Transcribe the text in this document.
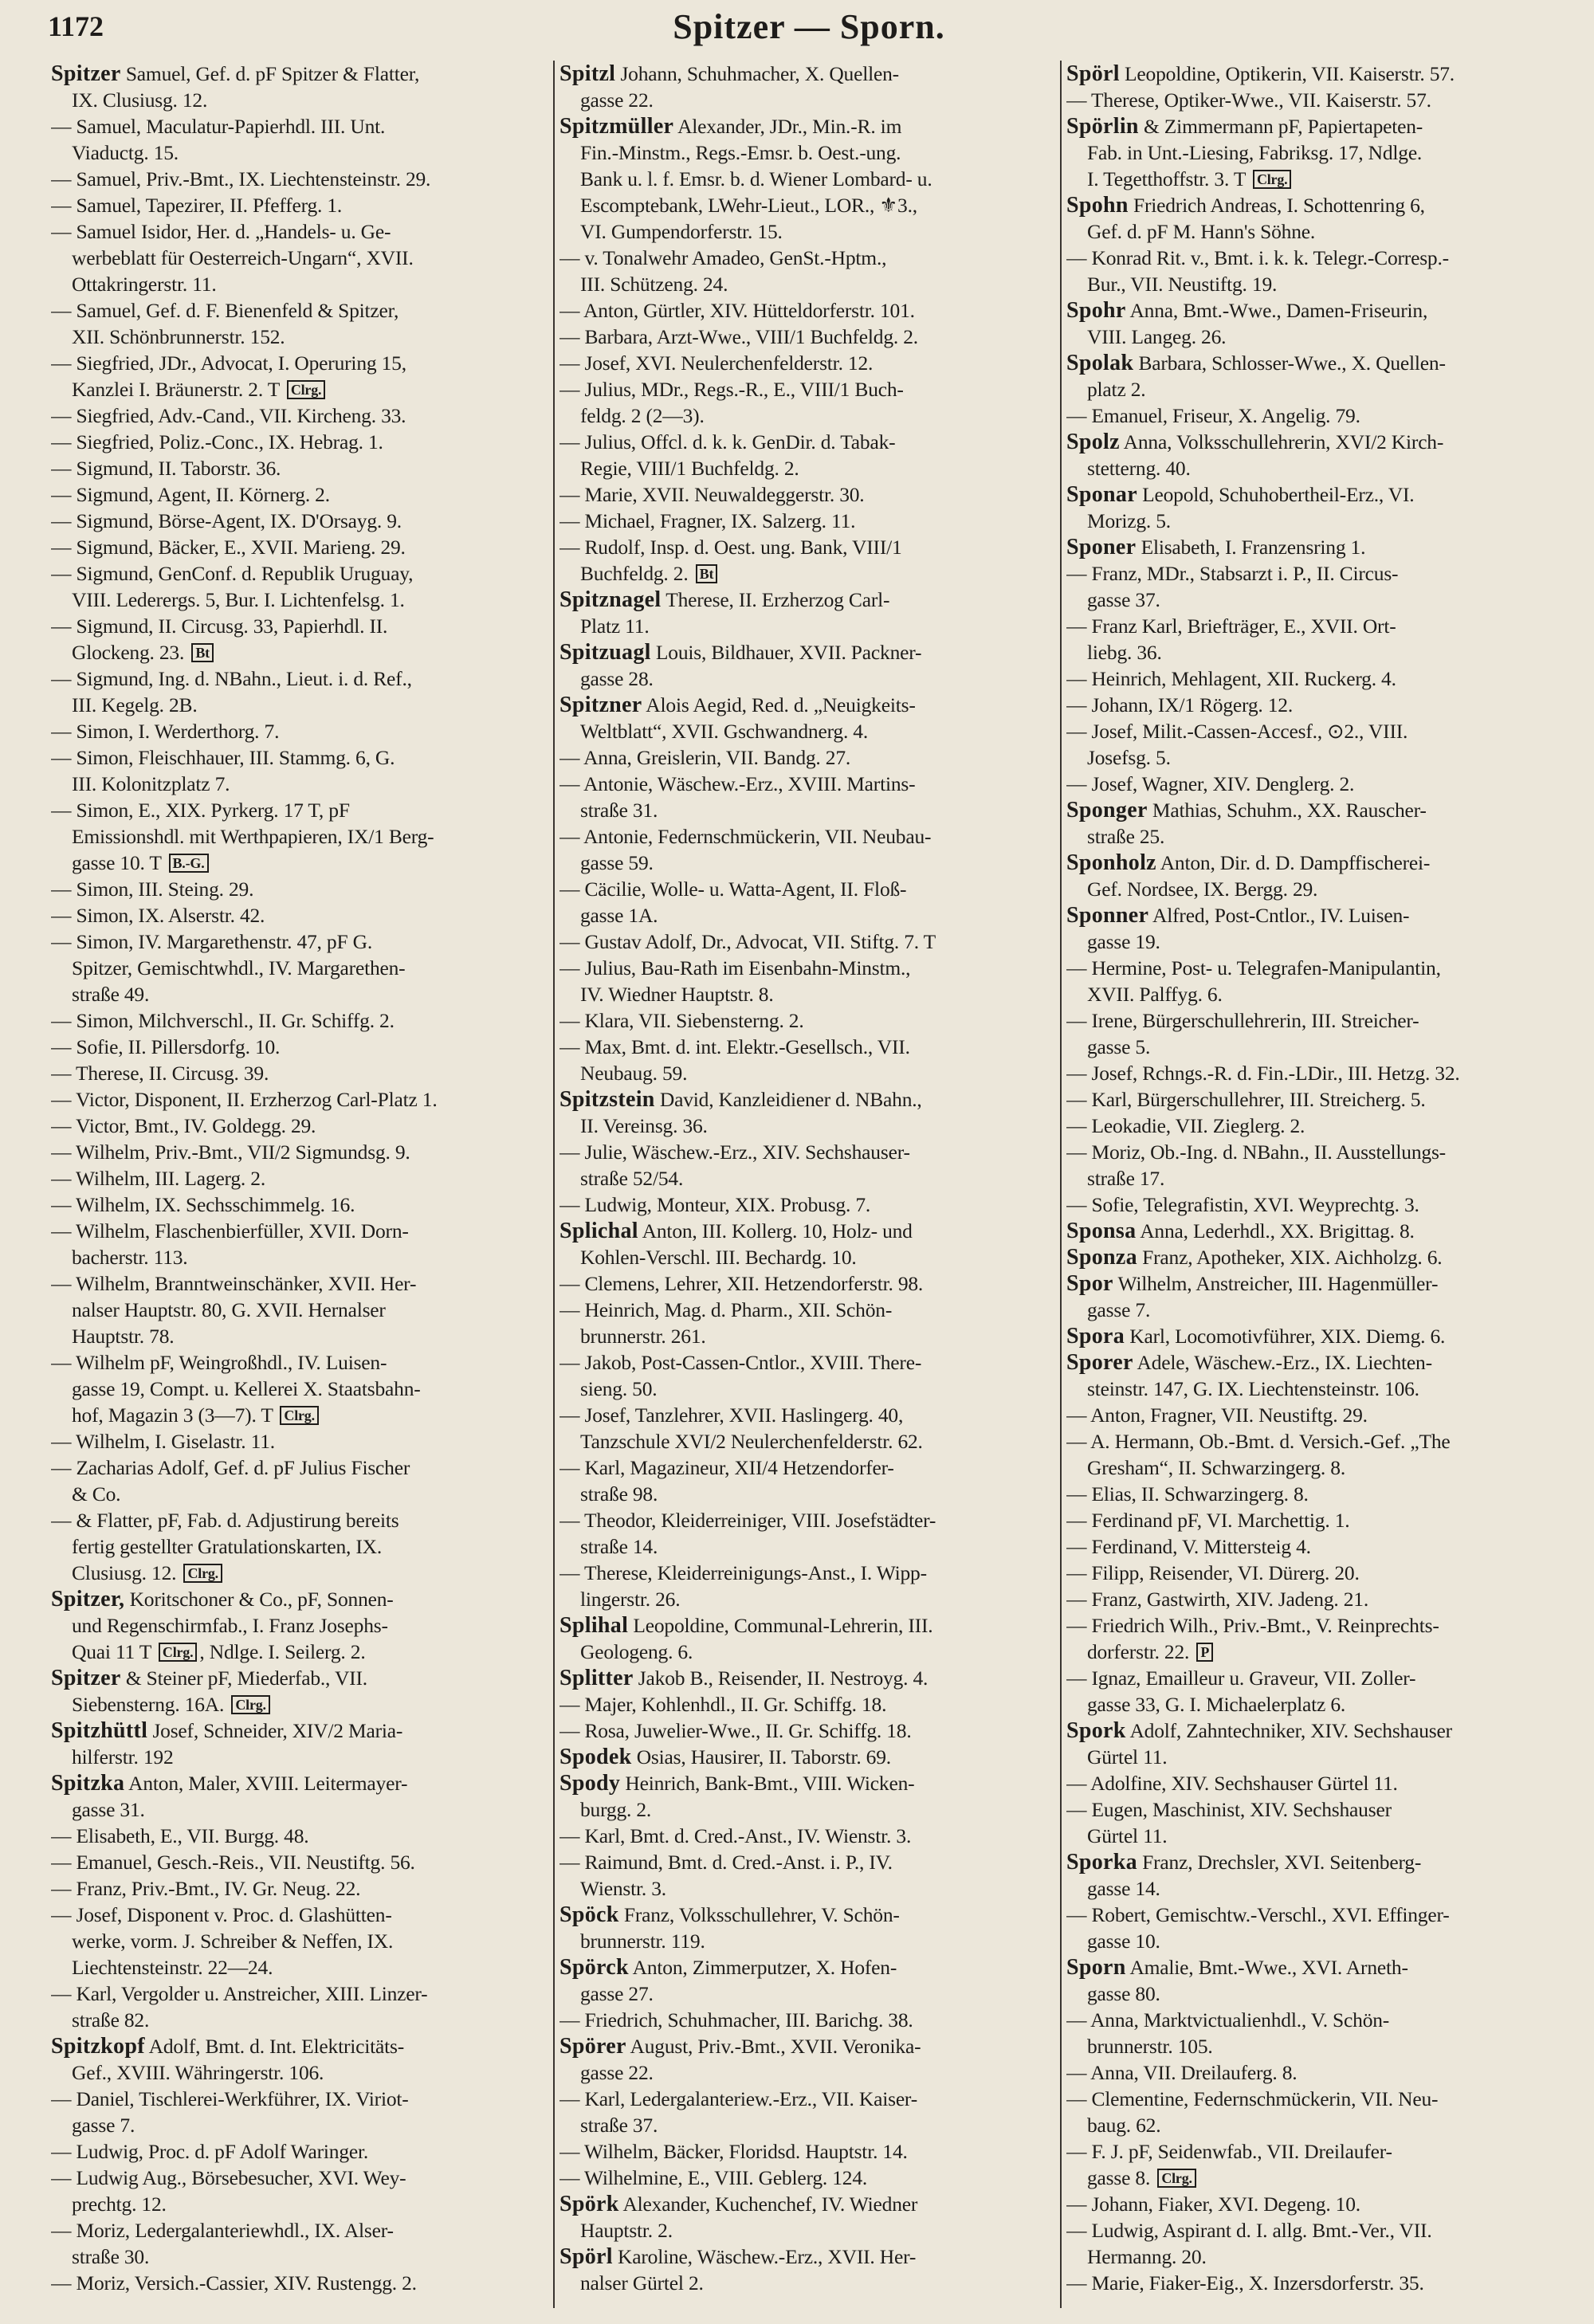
1172	Spitzer — Sporn.
Spitzer Samuel, Gef. d. pF Spitzer & Flatter,
IX. Clusiusg. 12.
— Samuel, Maculatur-Papierhdl. III. Unt.
Viaductg. 15.
— Samuel, Priv.-Bmt., IX. Liechtensteinstr. 29.
— Samuel, Tapezirer, II. Pfefferg. 1.
— Samuel Isidor, Her. d. „Handels- u. Ge-
werbeblatt für Oesterreich-Ungarn“, XVII.
Ottakringerstr. 11.
— Samuel, Gef. d. F. Bienenfeld & Spitzer,
XII. Schönbrunnerstr. 152.
— Siegfried, JDr., Advocat, I. Operuring 15,
Kanzlei I. Bräunerstr. 2. T Clrg.
— Siegfried, Adv.-Cand., VII. Kircheng. 33.
— Siegfried, Poliz.-Conc., IX. Hebrag. 1.
— Sigmund, II. Taborstr. 36.
— Sigmund, Agent, II. Körnerg. 2.
— Sigmund, Börse-Agent, IX. D'Orsayg. 9.
— Sigmund, Bäcker, E., XVII. Marieng. 29.
— Sigmund, GenConf. d. Republik Uruguay,
VIII. Lederergs. 5, Bur. I. Lichtenfelsg. 1.
— Sigmund, II. Circusg. 33, Papierhdl. II.
Glockeng. 23. Bt
— Sigmund, Ing. d. NBahn., Lieut. i. d. Ref.,
III. Kegelg. 2B.
— Simon, I. Werderthorg. 7.
— Simon, Fleischhauer, III. Stammg. 6, G.
III. Kolonitzplatz 7.
— Simon, E., XIX. Pyrkerg. 17 T, pF
Emissionshdl. mit Werthpapieren, IX/1 Berg-
gasse 10. T B.-G.
— Simon, III. Steing. 29.
— Simon, IX. Alserstr. 42.
— Simon, IV. Margarethenstr. 47, pF G.
Spitzer, Gemischtwhdl., IV. Margarethen-
straße 49.
— Simon, Milchverschl., II. Gr. Schiffg. 2.
— Sofie, II. Pillersdorfg. 10.
— Therese, II. Circusg. 39.
— Victor, Disponent, II. Erzherzog Carl-Platz 1.
— Victor, Bmt., IV. Goldegg. 29.
— Wilhelm, Priv.-Bmt., VII/2 Sigmundsg. 9.
— Wilhelm, III. Lagerg. 2.
— Wilhelm, IX. Sechsschimmelg. 16.
— Wilhelm, Flaschenbierfüller, XVII. Dorn-
bacherstr. 113.
— Wilhelm, Branntweinschänker, XVII. Her-
nalser Hauptstr. 80, G. XVII. Hernalser
Hauptstr. 78.
— Wilhelm pF, Weingroßhdl., IV. Luisen-
gasse 19, Compt. u. Kellerei X. Staatsbahn-
hof, Magazin 3 (3—7). T Clrg.
— Wilhelm, I. Giselastr. 11.
— Zacharias Adolf, Gef. d. pF Julius Fischer
& Co.
— & Flatter, pF, Fab. d. Adjustirung bereits
fertig gestellter Gratulationskarten, IX.
Clusiusg. 12. Clrg.
Spitzer, Koritschoner & Co., pF, Sonnen-
und Regenschirmfab., I. Franz Josephs-
Quai 11 T Clrg. , Ndlge. I. Seilerg. 2.
Spitzer & Steiner pF, Miederfab., VII.
Siebensterng. 16A. Clrg.
Spitzhüttl Josef, Schneider, XIV/2 Maria-
hilferstr. 192
Spitzka Anton, Maler, XVIII. Leitermayer-
gasse 31.
— Elisabeth, E., VII. Burgg. 48.
— Emanuel, Gesch.-Reis., VII. Neustiftg. 56.
— Franz, Priv.-Bmt., IV. Gr. Neug. 22.
— Josef, Disponent v. Proc. d. Glashütten-
werke, vorm. J. Schreiber & Neffen, IX.
Liechtensteinstr. 22—24.
— Karl, Vergolder u. Anstreicher, XIII. Linzer-
straße 82.
Spitzkopf Adolf, Bmt. d. Int. Elektricitäts-
Gef., XVIII. Währingerstr. 106.
— Daniel, Tischlerei-Werkführer, IX. Viriot-
gasse 7.
— Ludwig, Proc. d. pF Adolf Waringer.
— Ludwig Aug., Börsebesucher, XVI. Wey-
prechtg. 12.
— Moriz, Ledergalanteriewhdl., IX. Alser-
straße 30.
— Moriz, Versich.-Cassier, XIV. Rustengg. 2.
Spitzl Johann, Schuhmacher, X. Quellen-
gasse 22.
Spitzmüller Alexander, JDr., Min.-R. im
Fin.-Minstm., Regs.-Emsr. b. Oest.-ung.
Bank u. l. f. Emsr. b. d. Wiener Lombard- u.
Escomptebank, LWehr-Lieut., LOR., ⚜3.,
VI. Gumpendorferstr. 15.
— v. Tonalwehr Amadeo, GenSt.-Hptm.,
III. Schützeng. 24.
— Anton, Gürtler, XIV. Hütteldorferstr. 101.
— Barbara, Arzt-Wwe., VIII/1 Buchfeldg. 2.
— Josef, XVI. Neulerchenfelderstr. 12.
— Julius, MDr., Regs.-R., E., VIII/1 Buch-
feldg. 2 (2—3).
— Julius, Offcl. d. k. k. GenDir. d. Tabak-
Regie, VIII/1 Buchfeldg. 2.
— Marie, XVII. Neuwaldeggerstr. 30.
— Michael, Fragner, IX. Salzerg. 11.
— Rudolf, Insp. d. Oest. ung. Bank, VIII/1
Buchfeldg. 2. Bt
Spitznagel Therese, II. Erzherzog Carl-
Platz 11.
Spitzuagl Louis, Bildhauer, XVII. Packner-
gasse 28.
Spitzner Alois Aegid, Red. d. „Neuigkeits-
Weltblatt“, XVII. Gschwandnerg. 4.
— Anna, Greislerin, VII. Bandg. 27.
— Antonie, Wäschew.-Erz., XVIII. Martins-
straße 31.
— Antonie, Federnschmückerin, VII. Neubau-
gasse 59.
— Cäcilie, Wolle- u. Watta-Agent, II. Floß-
gasse 1A.
— Gustav Adolf, Dr., Advocat, VII. Stiftg. 7. T
— Julius, Bau-Rath im Eisenbahn-Minstm.,
IV. Wiedner Hauptstr. 8.
— Klara, VII. Siebensterng. 2.
— Max, Bmt. d. int. Elektr.-Gesellsch., VII.
Neubaug. 59.
Spitzstein David, Kanzleidiener d. NBahn.,
II. Vereinsg. 36.
— Julie, Wäschew.-Erz., XIV. Sechshauser-
straße 52/54.
— Ludwig, Monteur, XIX. Probusg. 7.
Splichal Anton, III. Kollerg. 10, Holz- und
Kohlen-Verschl. III. Bechardg. 10.
— Clemens, Lehrer, XII. Hetzendorferstr. 98.
— Heinrich, Mag. d. Pharm., XII. Schön-
brunnerstr. 261.
— Jakob, Post-Cassen-Cntlor., XVIII. There-
sieng. 50.
— Josef, Tanzlehrer, XVII. Haslingerg. 40,
Tanzschule XVI/2 Neulerchenfelderstr. 62.
— Karl, Magazineur, XII/4 Hetzendorfer-
straße 98.
— Theodor, Kleiderreiniger, VIII. Josefstädter-
straße 14.
— Therese, Kleiderreinigungs-Anst., I. Wipp-
lingerstr. 26.
Splihal Leopoldine, Communal-Lehrerin, III.
Geologeng. 6.
Splitter Jakob B., Reisender, II. Nestroyg. 4.
— Majer, Kohlenhdl., II. Gr. Schiffg. 18.
— Rosa, Juwelier-Wwe., II. Gr. Schiffg. 18.
Spodek Osias, Hausirer, II. Taborstr. 69.
Spody Heinrich, Bank-Bmt., VIII. Wicken-
burgg. 2.
— Karl, Bmt. d. Cred.-Anst., IV. Wienstr. 3.
— Raimund, Bmt. d. Cred.-Anst. i. P., IV.
Wienstr. 3.
Spöck Franz, Volksschullehrer, V. Schön-
brunnerstr. 119.
Spörck Anton, Zimmerputzer, X. Hofen-
gasse 27.
— Friedrich, Schuhmacher, III. Barichg. 38.
Spörer August, Priv.-Bmt., XVII. Veronika-
gasse 22.
— Karl, Ledergalanteriew.-Erz., VII. Kaiser-
straße 37.
— Wilhelm, Bäcker, Floridsd. Hauptstr. 14.
— Wilhelmine, E., VIII. Geblerg. 124.
Spörk Alexander, Kuchenchef, IV. Wiedner
Hauptstr. 2.
Spörl Karoline, Wäschew.-Erz., XVII. Her-
nalser Gürtel 2.
Spörl Leopoldine, Optikerin, VII. Kaiserstr. 57.
— Therese, Optiker-Wwe., VII. Kaiserstr. 57.
Spörlin & Zimmermann pF, Papiertapeten-
Fab. in Unt.-Liesing, Fabriksg. 17, Ndlge.
I. Tegetthoffstr. 3. T Clrg.
Spohn Friedrich Andreas, I. Schottenring 6,
Gef. d. pF M. Hann's Söhne.
— Konrad Rit. v., Bmt. i. k. k. Telegr.-Corresp.-
Bur., VII. Neustiftg. 19.
Spohr Anna, Bmt.-Wwe., Damen-Friseurin,
VIII. Langeg. 26.
Spolak Barbara, Schlosser-Wwe., X. Quellen-
platz 2.
— Emanuel, Friseur, X. Angelig. 79.
Spolz Anna, Volksschullehrerin, XVI/2 Kirch-
stetterng. 40.
Sponar Leopold, Schuhobertheil-Erz., VI.
Morizg. 5.
Sponer Elisabeth, I. Franzensring 1.
— Franz, MDr., Stabsarzt i. P., II. Circus-
gasse 37.
— Franz Karl, Briefträger, E., XVII. Ort-
liebg. 36.
— Heinrich, Mehlagent, XII. Ruckerg. 4.
— Johann, IX/1 Rögerg. 12.
— Josef, Milit.-Cassen-Accesf., ⊙2., VIII.
Josefsg. 5.
— Josef, Wagner, XIV. Denglerg. 2.
Sponger Mathias, Schuhm., XX. Rauscher-
straße 25.
Sponholz Anton, Dir. d. D. Dampffischerei-
Gef. Nordsee, IX. Bergg. 29.
Sponner Alfred, Post-Cntlor., IV. Luisen-
gasse 19.
— Hermine, Post- u. Telegrafen-Manipulantin,
XVII. Palffyg. 6.
— Irene, Bürgerschullehrerin, III. Streicher-
gasse 5.
— Josef, Rchngs.-R. d. Fin.-LDir., III. Hetzg. 32.
— Karl, Bürgerschullehrer, III. Streicherg. 5.
— Leokadie, VII. Zieglerg. 2.
— Moriz, Ob.-Ing. d. NBahn., II. Ausstellungs-
straße 17.
— Sofie, Telegrafistin, XVI. Weyprechtg. 3.
Sponsa Anna, Lederhdl., XX. Brigittag. 8.
Sponza Franz, Apotheker, XIX. Aichholzg. 6.
Spor Wilhelm, Anstreicher, III. Hagenmüller-
gasse 7.
Spora Karl, Locomotivführer, XIX. Diemg. 6.
Sporer Adele, Wäschew.-Erz., IX. Liechten-
steinstr. 147, G. IX. Liechtensteinstr. 106.
— Anton, Fragner, VII. Neustiftg. 29.
— A. Hermann, Ob.-Bmt. d. Versich.-Gef. „The
Gresham“, II. Schwarzingerg. 8.
— Elias, II. Schwarzingerg. 8.
— Ferdinand pF, VI. Marchettig. 1.
— Ferdinand, V. Mittersteig 4.
— Filipp, Reisender, VI. Dürerg. 20.
— Franz, Gastwirth, XIV. Jadeng. 21.
— Friedrich Wilh., Priv.-Bmt., V. Reinprechts-
dorferstr. 22. P
— Ignaz, Emailleur u. Graveur, VII. Zoller-
gasse 33, G. I. Michaelerplatz 6.
Spork Adolf, Zahntechniker, XIV. Sechshauser
Gürtel 11.
— Adolfine, XIV. Sechshauser Gürtel 11.
— Eugen, Maschinist, XIV. Sechshauser
Gürtel 11.
Sporka Franz, Drechsler, XVI. Seitenberg-
gasse 14.
— Robert, Gemischtw.-Verschl., XVI. Effinger-
gasse 10.
Sporn Amalie, Bmt.-Wwe., XVI. Arneth-
gasse 80.
— Anna, Marktvictualienhdl., V. Schön-
brunnerstr. 105.
— Anna, VII. Dreilauferg. 8.
— Clementine, Federnschmückerin, VII. Neu-
baug. 62.
— F. J. pF, Seidenwfab., VII. Dreilaufer-
gasse 8. Clrg.
— Johann, Fiaker, XVI. Degeng. 10.
— Ludwig, Aspirant d. I. allg. Bmt.-Ver., VII.
Hermanng. 20.
— Marie, Fiaker-Eig., X. Inzersdorferstr. 35.
